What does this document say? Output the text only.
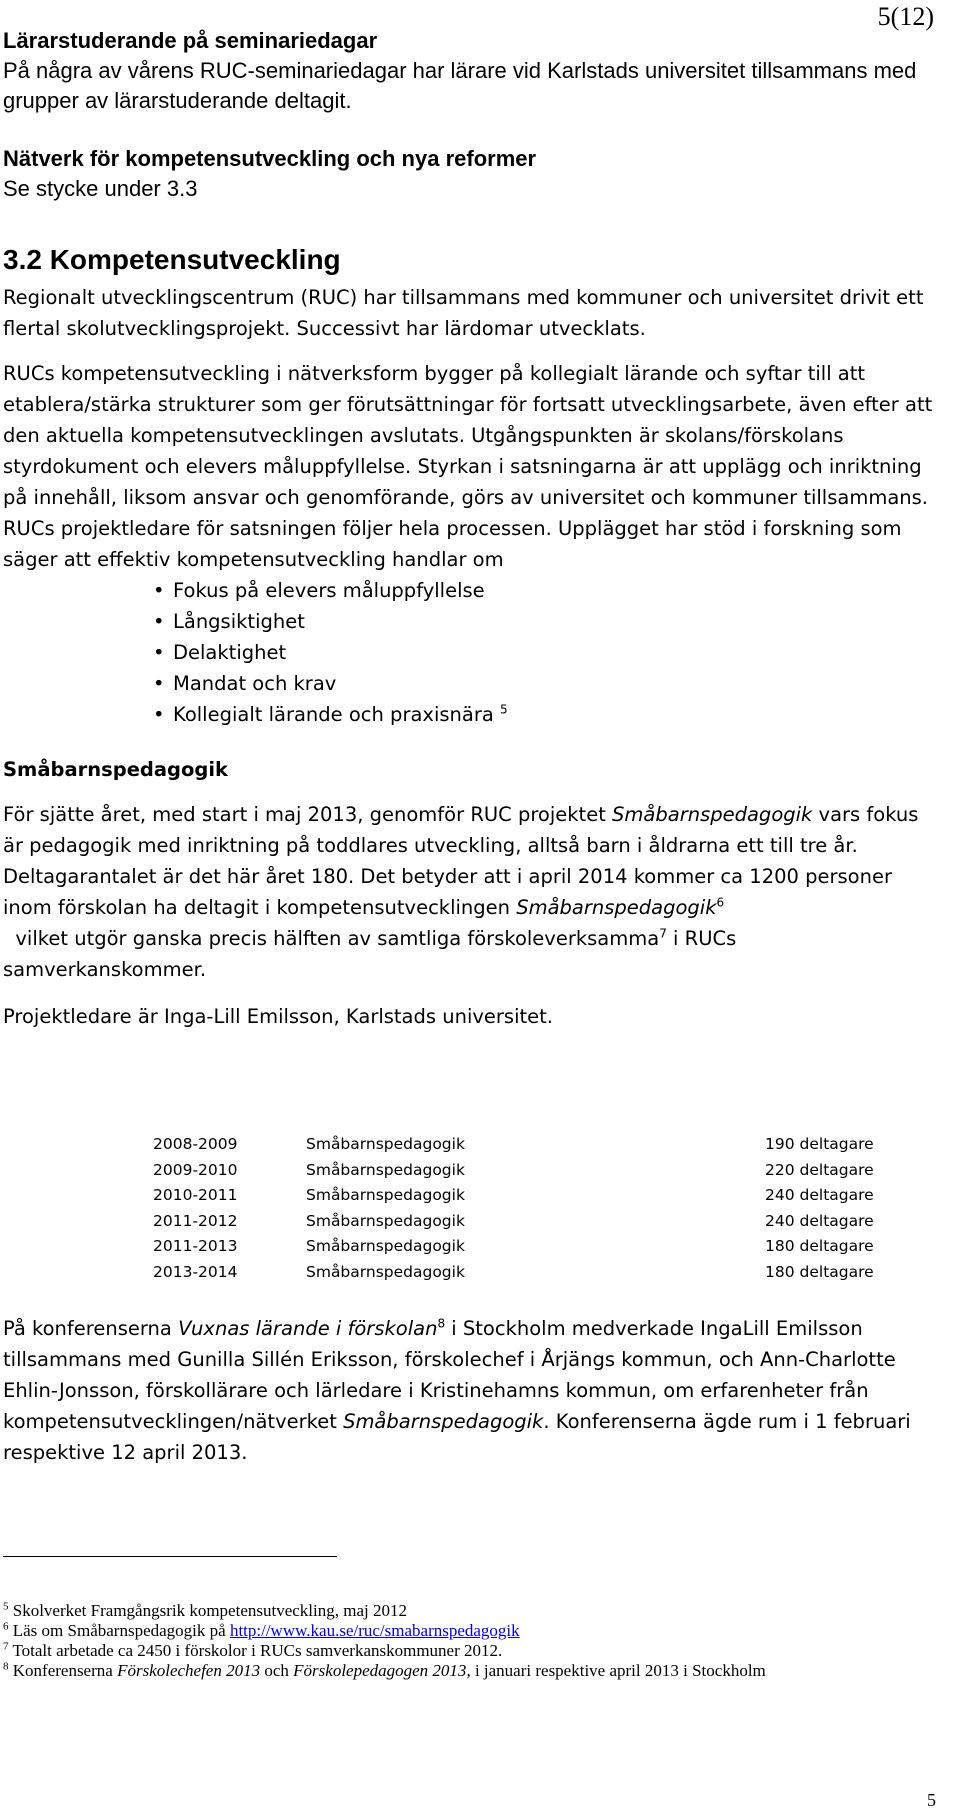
5(12)

Lärarstuderande på seminariedagar

På några av vårens RUC-seminariedagar har lärare vid Karlstads universitet tillsammans med grupper av lärarstuderande deltagit.

Nätverk för kompetensutveckling och nya reformer

Se stycke under 3.3

3.2 Kompetensutveckling

Regionalt utvecklingscentrum (RUC) har tillsammans med kommuner och universitet drivit ett flertal skolutvecklingsprojekt. Successivt har lärdomar utvecklats.

RUCs kompetensutveckling i nätverksform bygger på kollegialt lärande och syftar till att etablera/stärka strukturer som ger förutsättningar för fortsatt utvecklingsarbete, även efter att den aktuella kompetensutvecklingen avslutats. Utgångspunkten är skolans/förskolans styrdokument och elevers måluppfyllelse. Styrkan i satsningarna är att upplägg och inriktning på innehåll, liksom ansvar och genomförande, görs av universitet och kommuner tillsammans. RUCs projektledare för satsningen följer hela processen. Upplägget har stöd i forskning som säger att effektiv kompetensutveckling handlar om

• Fokus på elevers måluppfyllelse
• Långsiktighet
• Delaktighet
• Mandat och krav
• Kollegialt lärande och praxisnära $^5$

Småbarnspedagogik

För sjätte året, med start i maj 2013, genomför RUC projektet Småbarnspedagogik vars fokus är pedagogik med inriktning på toddlares utveckling, alltså barn i åldrarna ett till tre år. Deltagarantalet är det här året 180. Det betyder att i april 2014 kommer ca 1200 personer inom förskolan ha deltagit i kompetensutvecklingen Småbarnspedagogik$^6$  vilket utgör ganska precis hälften av samtliga förskoleverksamma$^7$ i RUCs samverkanskommer.

Projektledare är Inga-Lill Emilsson, Karlstads universitet.

2008-2009	Småbarnspedagogik	190 deltagare
2009-2010	Småbarnspedagogik	220 deltagare
2010-2011	Småbarnspedagogik	240 deltagare
2011-2012	Småbarnspedagogik	240 deltagare
2011-2013	Småbarnspedagogik	180 deltagare
2013-2014	Småbarnspedagogik	180 deltagare

På konferenserna Vuxnas lärande i förskolan$^8$ i Stockholm medverkade IngaLill Emilsson tillsammans med Gunilla Sillén Eriksson, förskolechef i Årjängs kommun, och Ann-Charlotte Ehlin-Jonsson, förskollärare och lärledare i Kristinehamns kommun, om erfarenheter från kompetensutvecklingen/nätverket Småbarnspedagogik. Konferenserna ägde rum i 1 februari respektive 12 april 2013.

$^5$ Skolverket Framgångsrik kompetensutveckling, maj 2012
$^6$ Läs om Småbarnspedagogik på http://www.kau.se/ruc/smabarnspedagogik
$^7$ Totalt arbetade ca 2450 i förskolor i RUCs samverkanskommuner 2012.
$^8$ Konferenserna Förskolechefen 2013 och Förskolepedagogen 2013, i januari respektive april 2013 i Stockholm
5
